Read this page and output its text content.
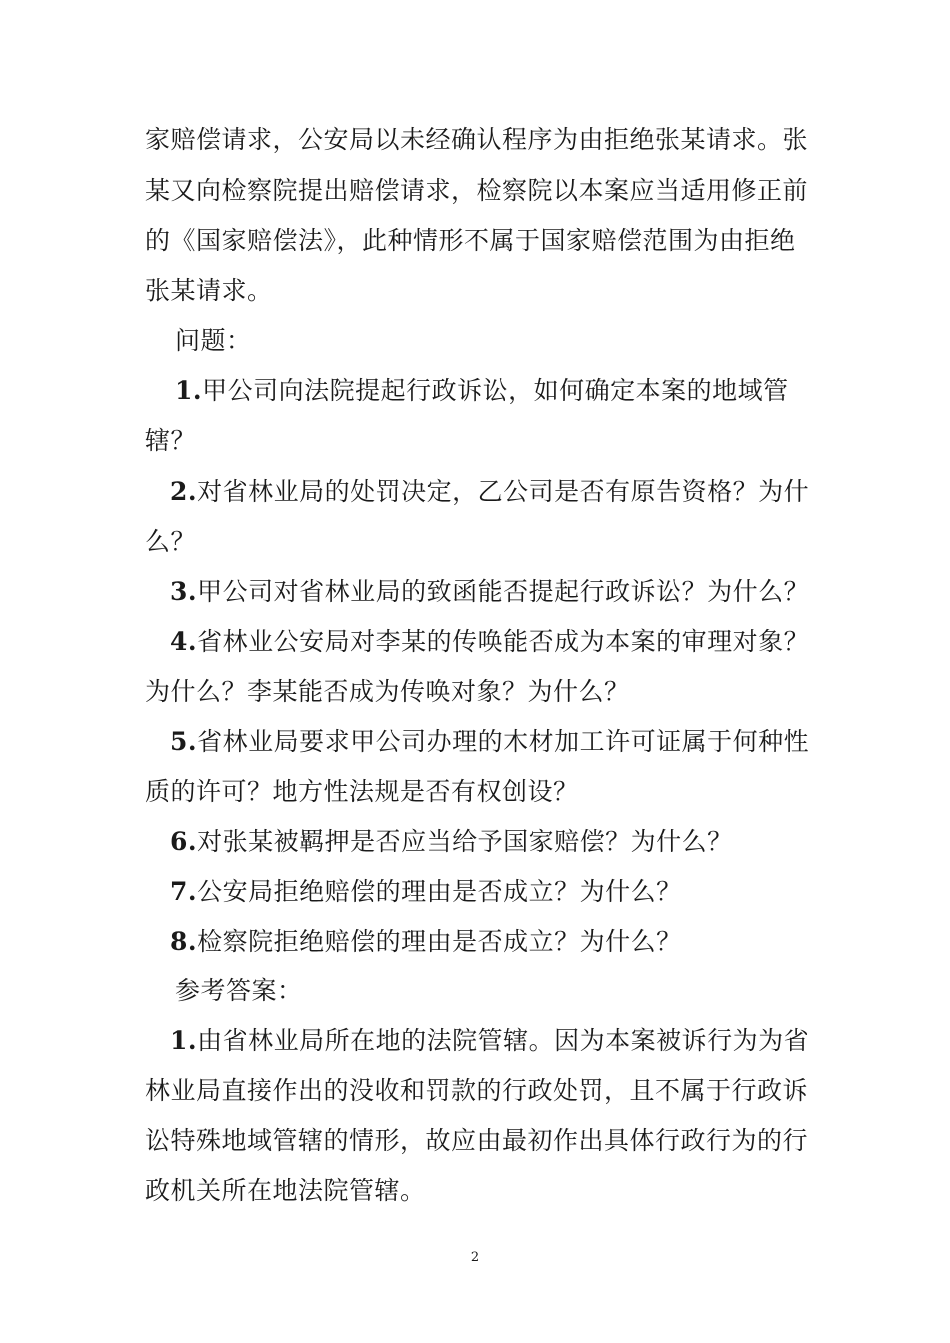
家赔偿请求，公安局以未经确认程序为由拒绝张某请求。张
某又向检察院提出赔偿请求，检察院以本案应当适用修正前
的《国家赔偿法》，此种情形不属于国家赔偿范围为由拒绝
张某请求。
问题：
1.甲公司向法院提起行政诉讼，如何确定本案的地域管
辖？
2.对省林业局的处罚决定，乙公司是否有原告资格？为什
么？
3.甲公司对省林业局的致函能否提起行政诉讼？为什么？
4.省林业公安局对李某的传唤能否成为本案的审理对象？
为什么？李某能否成为传唤对象？为什么？
5.省林业局要求甲公司办理的木材加工许可证属于何种性
质的许可？地方性法规是否有权创设？
6.对张某被羁押是否应当给予国家赔偿？为什么？
7.公安局拒绝赔偿的理由是否成立？为什么？
8.检察院拒绝赔偿的理由是否成立？为什么？
参考答案：
1.由省林业局所在地的法院管辖。因为本案被诉行为为省
林业局直接作出的没收和罚款的行政处罚，且不属于行政诉
讼特殊地域管辖的情形，故应由最初作出具体行政行为的行
政机关所在地法院管辖。
2
